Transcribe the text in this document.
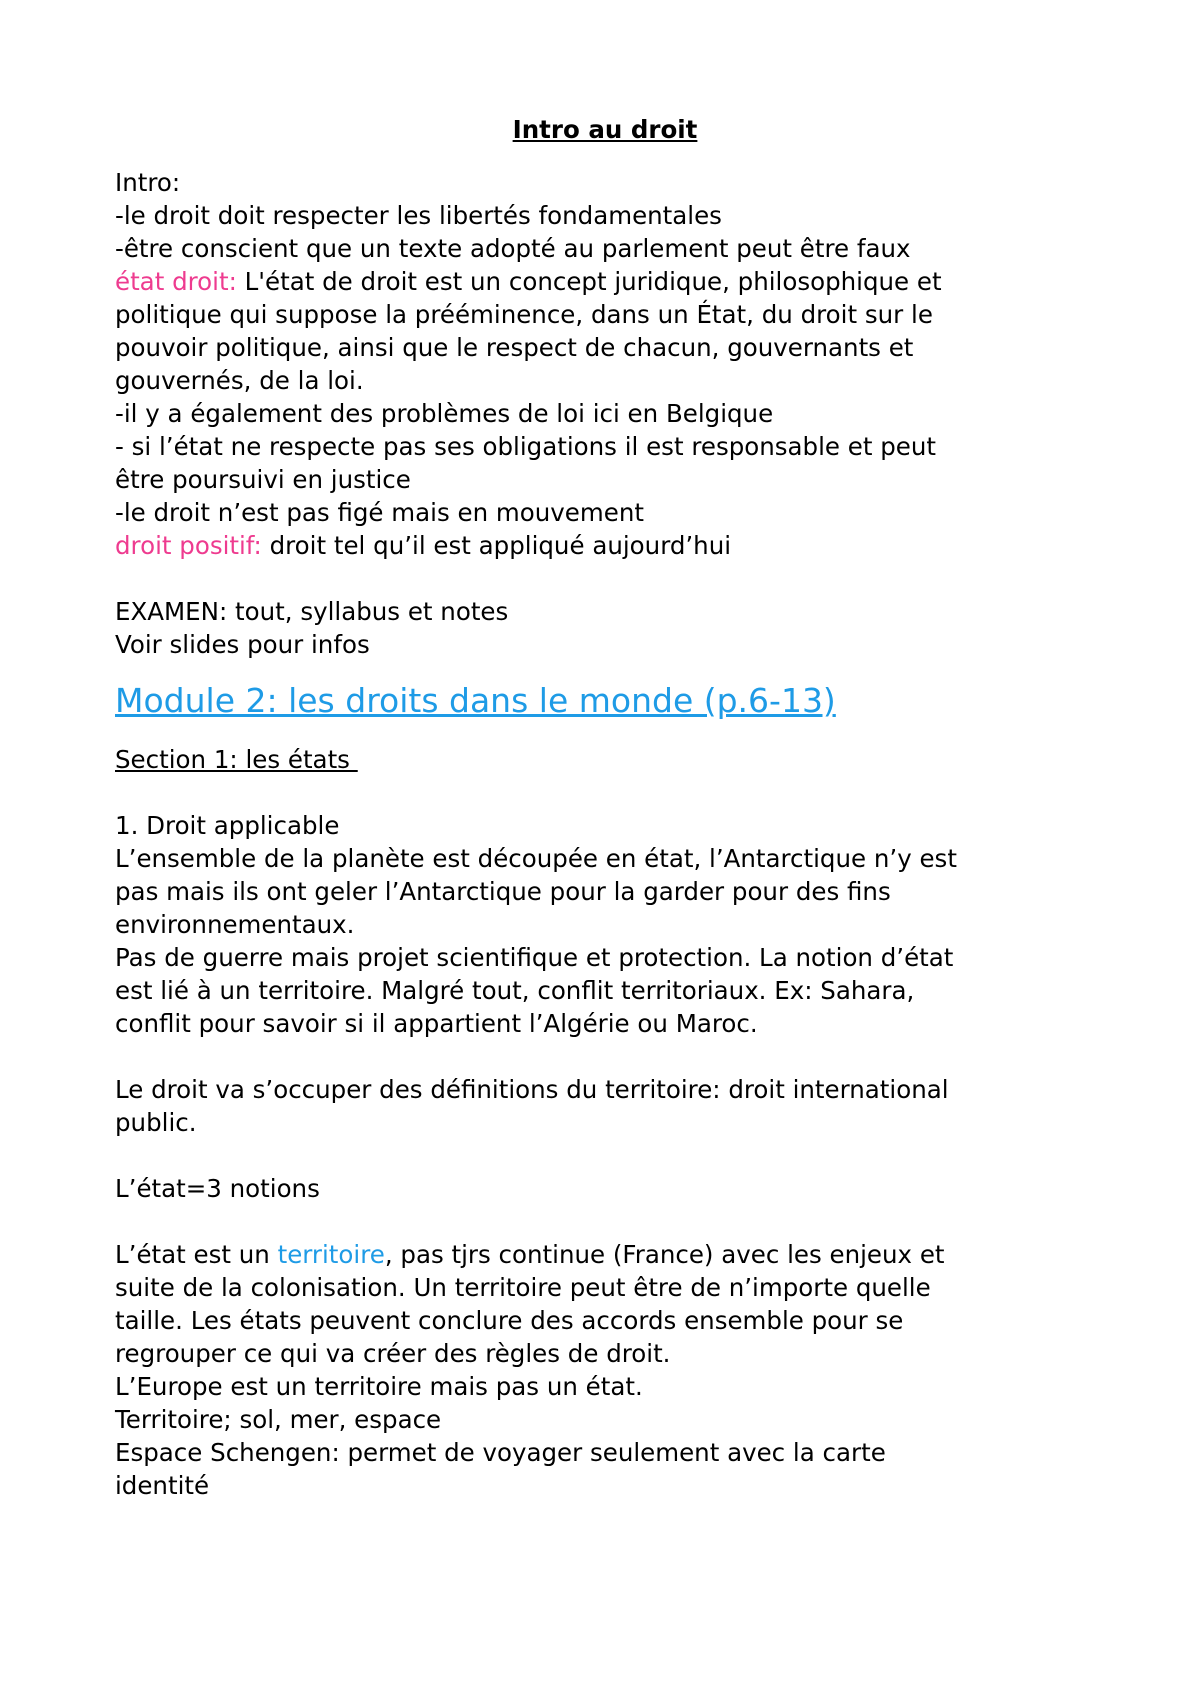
Intro au droit

Intro:

-le droit doit respecter les libertés fondamentales

-être conscient que un texte adopté au parlement peut être faux

état droit: L'état de droit est un concept juridique, philosophique et

politique qui suppose la prééminence, dans un État, du droit sur le

pouvoir politique, ainsi que le respect de chacun, gouvernants et

gouvernés, de la loi.

-il y a également des problèmes de loi ici en Belgique

- si l’état ne respecte pas ses obligations il est responsable et peut

être poursuivi en justice

-le droit n’est pas figé mais en mouvement

droit positif: droit tel qu’il est appliqué aujourd’hui

EXAMEN: tout, syllabus et notes

Voir slides pour infos

Module 2: les droits dans le monde (p.6-13)

Section 1: les états

1. Droit applicable

L’ensemble de la planète est découpée en état, l’Antarctique n’y est

pas mais ils ont geler l’Antarctique pour la garder pour des fins

environnementaux.

Pas de guerre mais projet scientifique et protection. La notion d’état

est lié à un territoire. Malgré tout, conflit territoriaux. Ex: Sahara,

conflit pour savoir si il appartient l’Algérie ou Maroc.

Le droit va s’occuper des définitions du territoire: droit international

public.

L’état=3 notions

L’état est un territoire, pas tjrs continue (France) avec les enjeux et

suite de la colonisation. Un territoire peut être de n’importe quelle

taille. Les états peuvent conclure des accords ensemble pour se

regrouper ce qui va créer des règles de droit.

L’Europe est un territoire mais pas un état.

Territoire; sol, mer, espace

Espace Schengen: permet de voyager seulement avec la carte

identité
